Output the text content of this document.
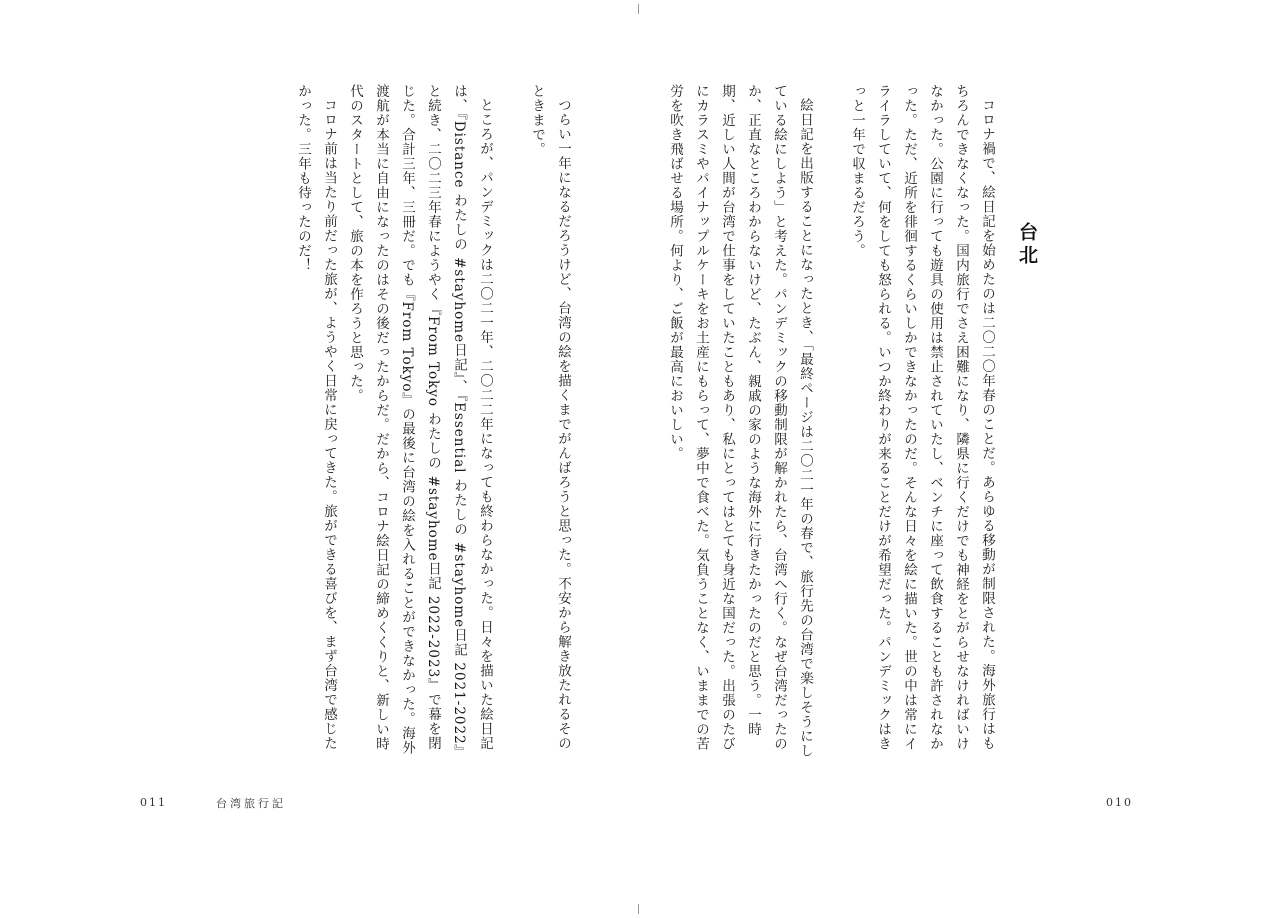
台北

コロナ禍で、絵日記を始めたのは二〇二〇年春のことだ。あらゆる移動が制限された。海外旅行はもちろんできなくなった。国内旅行でさえ困難になり、隣県に行くだけでも神経をとがらせなければいけなかった。公園に行っても遊具の使用は禁止されていたし、ベンチに座って飲食することも許されなかった。ただ、近所を徘徊するくらいしかできなかったのだ。そんな日々を絵に描いた。世の中は常にイライラしていて、何をしても怒られる。いつか終わりが来ることだけが希望だった。パンデミックはきっと一年で収まるだろう。

絵日記を出版することになったとき、「最終ページは二〇二一年の春で、旅行先の台湾で楽しそうにしている絵にしよう」と考えた。パンデミックの移動制限が解かれたら、台湾へ行く。なぜ台湾だったのか、正直なところわからないけど、たぶん、親戚の家のような海外に行きたかったのだと思う。一時期、近しい人間が台湾で仕事をしていたこともあり、私にとってはとても身近な国だった。出張のたびにカラスミやパイナップルケーキをお土産にもらって、夢中で食べた。気負うことなく、いままでの苦労を吹き飛ばせる場所。何より、ご飯が最高においしい。

つらい一年になるだろうけど、台湾の絵を描くまでがんばろうと思った。不安から解き放たれるそのときまで。

ところが、パンデミックは二〇二一年、二〇二二年になっても終わらなかった。日々を描いた絵日記は、『Distance わたしの #stayhome日記』、『Essential わたしの #stayhome日記 2021-2022』と続き、二〇二三年春にようやく『From Tokyo わたしの #stayhome日記 2022-2023』で幕を閉じた。合計三年、三冊だ。でも『From Tokyo』の最後に台湾の絵を入れることができなかった。海外渡航が本当に自由になったのはその後だったからだ。だから、コロナ絵日記の締めくくりと、新しい時代のスタートとして、旅の本を作ろうと思った。

コロナ前は当たり前だった旅が、ようやく日常に戻ってきた。旅ができる喜びを、まず台湾で感じたかった。三年も待ったのだ！

011	台湾旅行記	010
